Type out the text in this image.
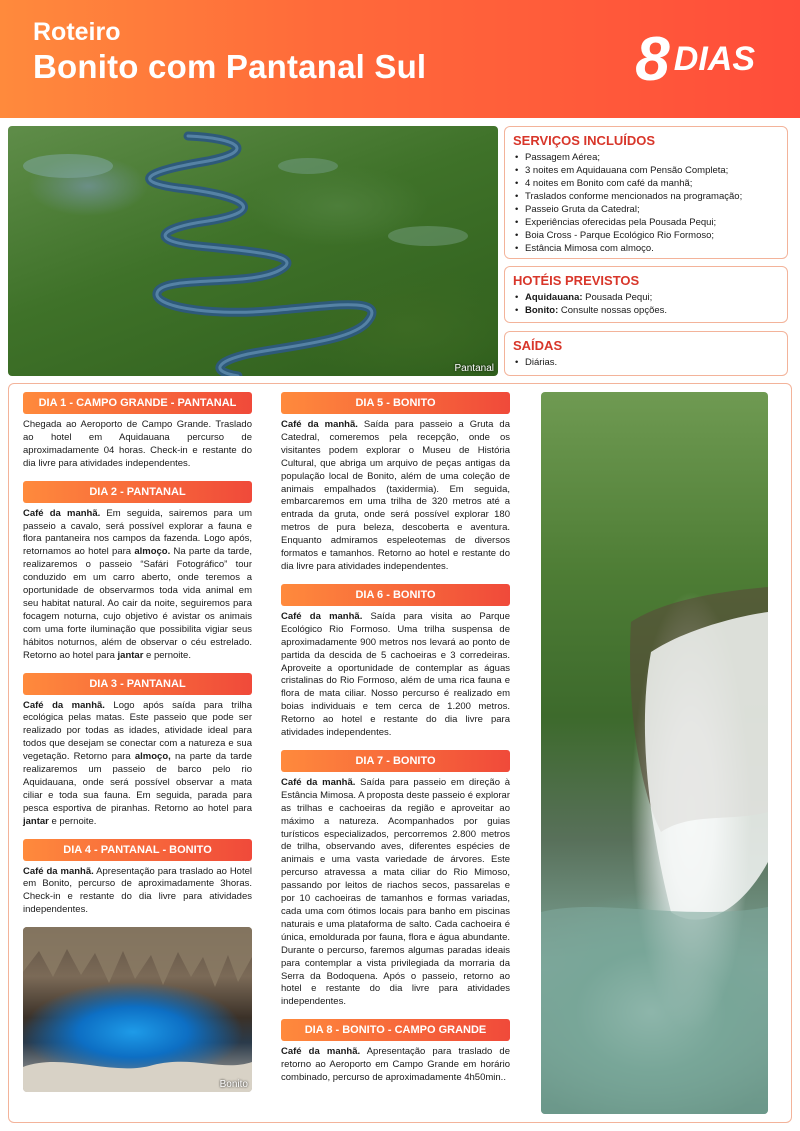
Roteiro
Bonito com Pantanal Sul	8 DIAS
Pantanal
SERVIÇOS INCLUÍDOS
• Passagem Aérea;
• 3 noites em Aquidauana com Pensão Completa;
• 4 noites em Bonito com café da manhã;
• Traslados conforme mencionados na programação;
• Passeio Gruta da Catedral;
• Experiências oferecidas pela Pousada Pequi;
• Boia Cross - Parque Ecológico Rio Formoso;
• Estância Mimosa com almoço.
HOTÉIS PREVISTOS
• Aquidauana: Pousada Pequi;
• Bonito: Consulte nossas opções.
SAÍDAS
• Diárias.
DIA 1 - CAMPO GRANDE - PANTANAL

Chegada ao Aeroporto de Campo Grande. Traslado ao hotel em Aquidauana percurso de aproximadamente 04 horas. Check-in e restante do dia livre para atividades independentes.

DIA 2 - PANTANAL

Café da manhã. Em seguida, sairemos para um passeio a cavalo, será possível explorar a fauna e flora pantaneira nos campos da fazenda. Logo após, retornamos ao hotel para almoço. Na parte da tarde, realizaremos o passeio “Safári Fotográfico” tour conduzido em um carro aberto, onde teremos a oportunidade de observarmos toda vida animal em seu habitat natural. Ao cair da noite, seguiremos para focagem noturna, cujo objetivo é avistar os animais com uma forte iluminação que possibilita vigiar seus hábitos noturnos, além de observar o céu estrelado. Retorno ao hotel para jantar e pernoite.

DIA 3 - PANTANAL

Café da manhã. Logo após saída para trilha ecológica pelas matas. Este passeio que pode ser realizado por todas as idades, atividade ideal para todos que desejam se conectar com a natureza e sua vegetação. Retorno para almoço, na parte da tarde realizaremos um passeio de barco pelo rio Aquidauana, onde será possível observar a mata ciliar e toda sua fauna. Em seguida, parada para pesca esportiva de piranhas. Retorno ao hotel para jantar e pernoite.

DIA 4 - PANTANAL - BONITO

Café da manhã. Apresentação para traslado ao Hotel em Bonito, percurso de aproximadamente 3horas. Check-in e restante do dia livre para atividades independentes.

Bonito
DIA 5 - BONITO

Café da manhã. Saída para passeio a Gruta da Catedral, comeremos pela recepção, onde os visitantes podem explorar o Museu de História Cultural, que abriga um arquivo de peças antigas da população local de Bonito, além de uma coleção de animais empalhados (taxidermia). Em seguida, embarcaremos em uma trilha de 320 metros até a entrada da gruta, onde será possível explorar 180 metros de pura beleza, descoberta e aventura. Enquanto admiramos espeleotemas de diversos formatos e tamanhos. Retorno ao hotel e restante do dia livre para atividades independentes.

DIA 6 - BONITO

Café da manhã. Saída para visita ao Parque Ecológico Rio Formoso. Uma trilha suspensa de aproximadamente 900 metros nos levará ao ponto de partida da descida de 5 cachoeiras e 3 corredeiras. Aproveite a oportunidade de contemplar as águas cristalinas do Rio Formoso, além de uma rica fauna e flora de mata ciliar. Nosso percurso é realizado em boias individuais e tem cerca de 1.200 metros. Retorno ao hotel e restante do dia livre para atividades independentes.

DIA 7 - BONITO

Café da manhã. Saída para passeio em direção à Estância Mimosa. A proposta deste passeio é explorar as trilhas e cachoeiras da região e aproveitar ao máximo a natureza. Acompanhados por guias turísticos especializados, percorremos 2.800 metros de trilha, observando aves, diferentes espécies de animais e uma vasta variedade de árvores. Este percurso atravessa a mata ciliar do Rio Mimoso, passando por leitos de riachos secos, passarelas e por 10 cachoeiras de tamanhos e formas variadas, cada uma com ótimos locais para banho em piscinas naturais e uma plataforma de salto. Cada cachoeira é única, emoldurada por fauna, flora e água abundante. Durante o percurso, faremos algumas paradas ideais para contemplar a vista privilegiada da morraria da Serra da Bodoquena. Após o passeio, retorno ao hotel e restante do dia livre para atividades independentes.

DIA 8 - BONITO - CAMPO GRANDE

Café da manhã. Apresentação para traslado de retorno ao Aeroporto em Campo Grande em horário combinado, percurso de aproximadamente 4h50min..
